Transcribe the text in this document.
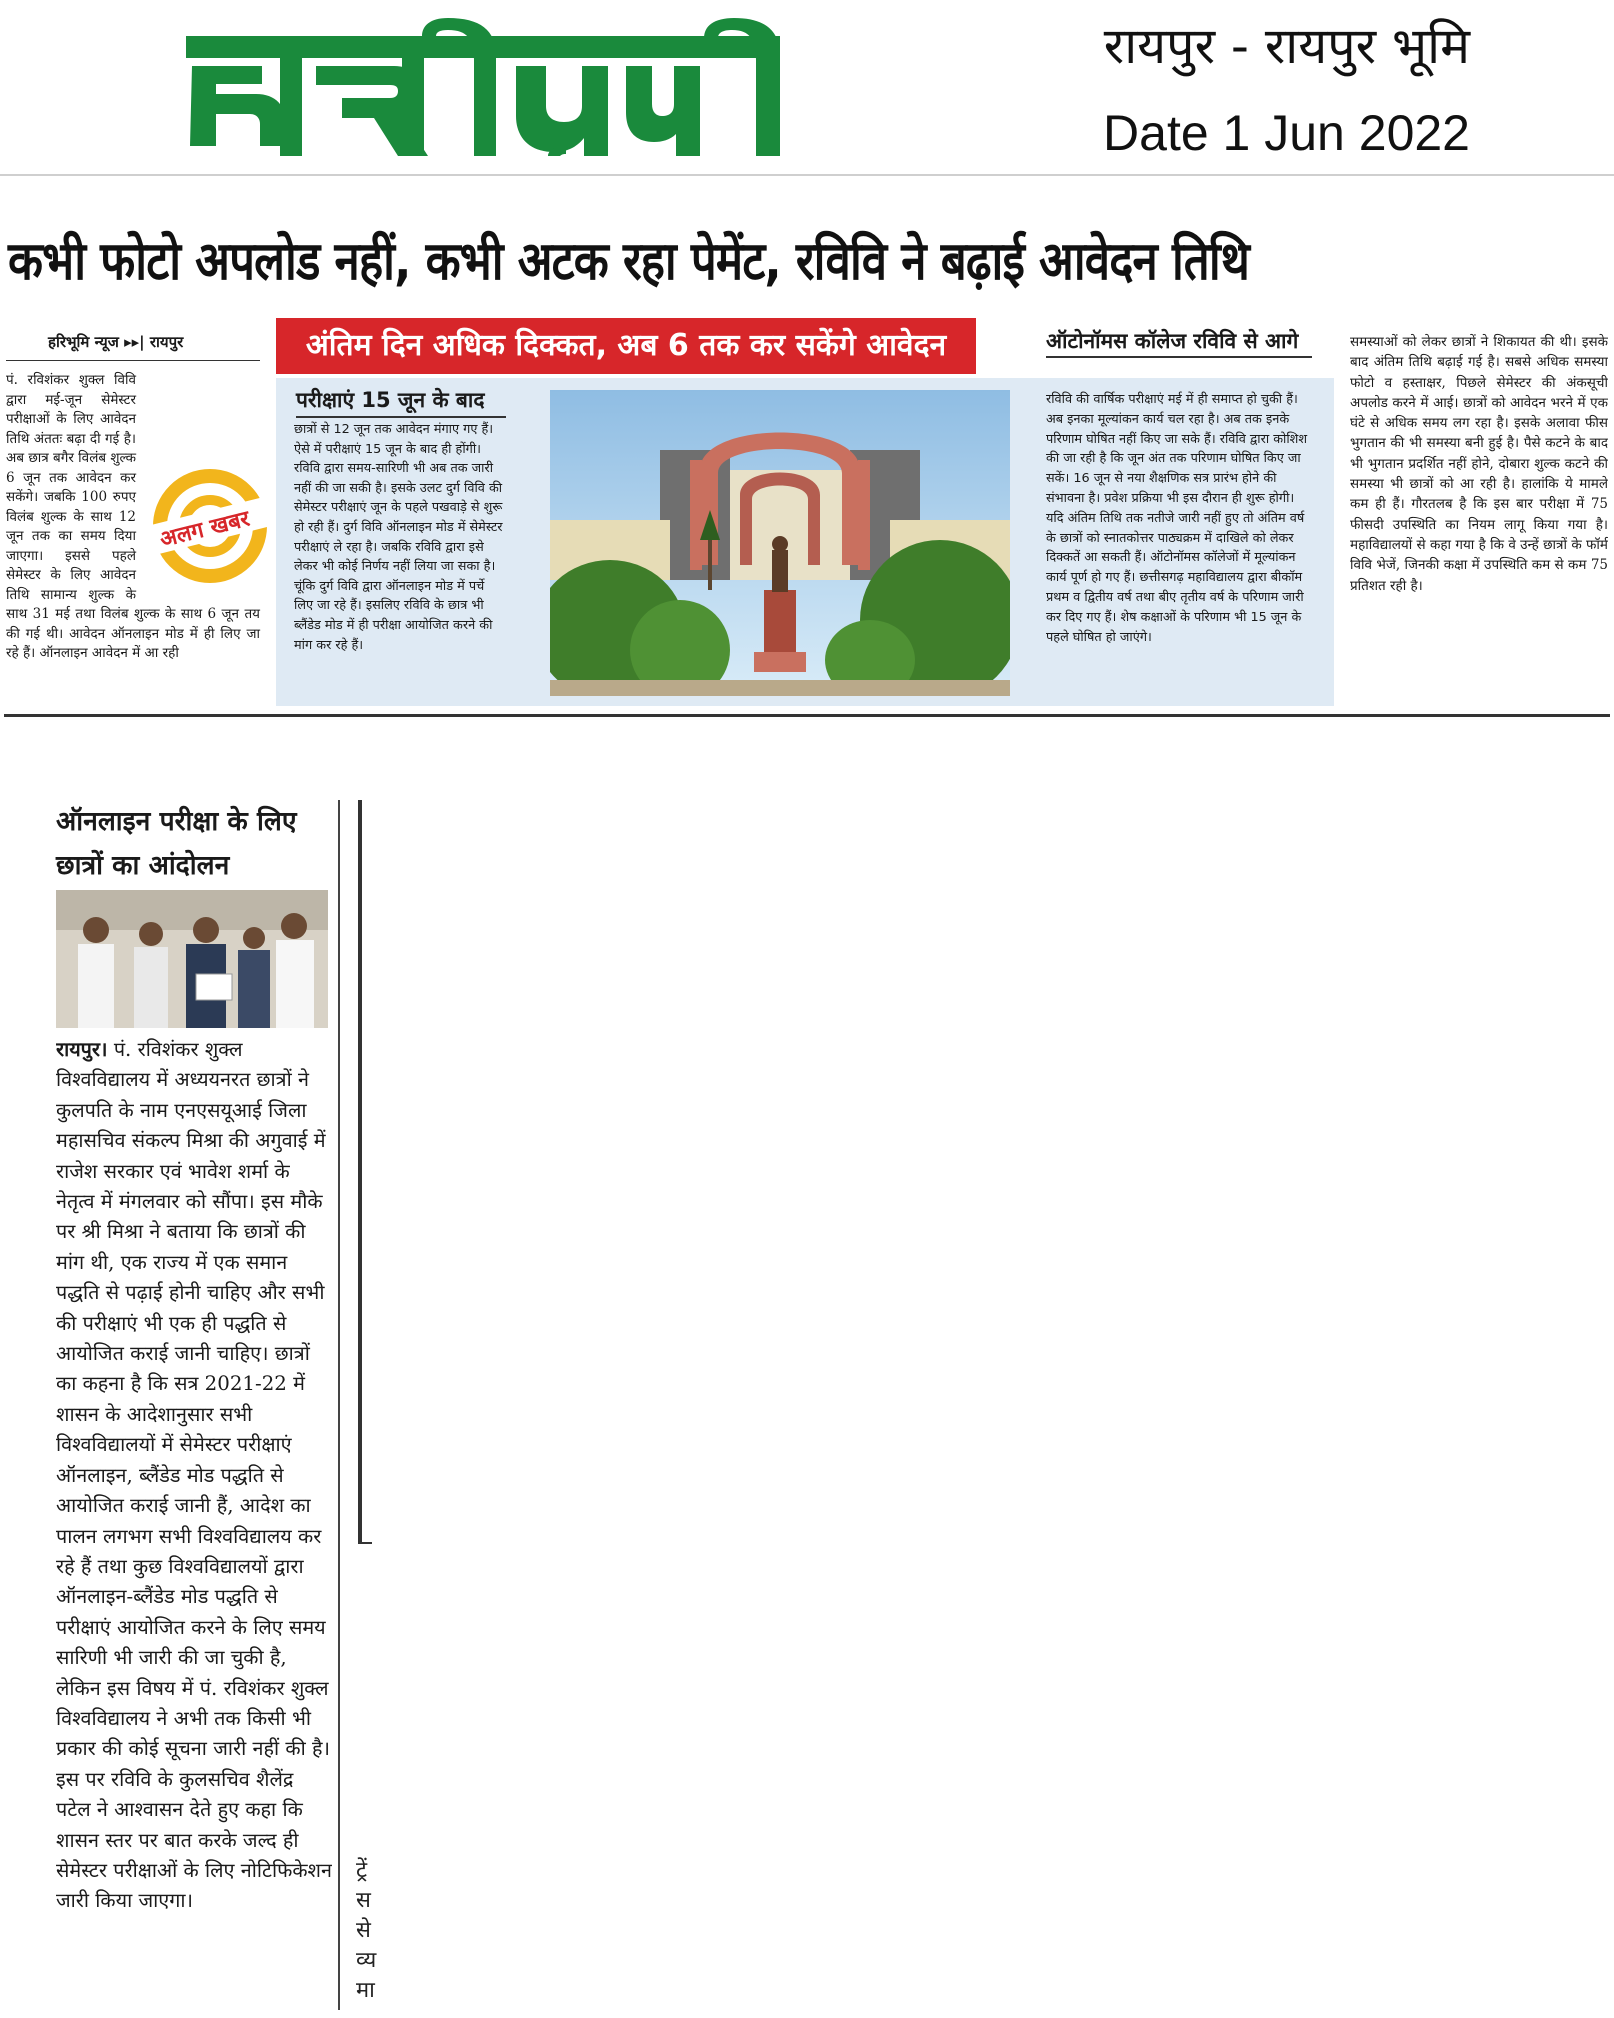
हरिभूमि
रायपुर - रायपुर भूमि
Date 1 Jun 2022
कभी फोटो अपलोड नहीं, कभी अटक रहा पेमेंट, रविवि ने बढ़ाई आवेदन तिथि
हरिभूमि न्यूज ▸▸| रायपुर
पं. रविशंकर शुक्ल विवि द्वारा मई-जून सेमेस्टर परीक्षाओं के लिए आवेदन तिथि अंततः बढ़ा दी गई है। अब छात्र बगैर विलंब शुल्क 6 जून तक आवेदन कर सकेंगे। जबकि 100 रुपए विलंब शुल्क के साथ 12 जून तक का समय दिया जाएगा। इससे पहले सेमेस्टर के लिए आवेदन तिथि सामान्य शुल्क के साथ 31 मई तथा विलंब शुल्क के साथ 6 जून तय की गई थी। आवेदन ऑनलाइन मोड में ही लिए जा रहे हैं। ऑनलाइन आवेदन में आ रही
अलग खबर
अंतिम दिन अधिक दिक्कत, अब 6 तक कर सकेंगे आवेदन
परीक्षाएं 15 जून के बाद
छात्रों से 12 जून तक आवेदन मंगाए गए हैं। ऐसे में परीक्षाएं 15 जून के बाद ही होंगी। रविवि द्वारा समय-सारिणी भी अब तक जारी नहीं की जा सकी है। इसके उलट दुर्ग विवि की सेमेस्टर परीक्षाएं जून के पहले पखवाड़े से शुरू हो रही हैं। दुर्ग विवि ऑनलाइन मोड में सेमेस्टर परीक्षाएं ले रहा है। जबकि रविवि द्वारा इसे लेकर भी कोई निर्णय नहीं लिया जा सका है। चूंकि दुर्ग विवि द्वारा ऑनलाइन मोड में पर्चे लिए जा रहे हैं। इसलिए रविवि के छात्र भी ब्लैंडेड मोड में ही परीक्षा आयोजित करने की मांग कर रहे हैं।
ऑटोनॉमस कॉलेज रविवि से आगे
रविवि की वार्षिक परीक्षाएं मई में ही समाप्त हो चुकी हैं। अब इनका मूल्यांकन कार्य चल रहा है। अब तक इनके परिणाम घोषित नहीं किए जा सके हैं। रविवि द्वारा कोशिश की जा रही है कि जून अंत तक परिणाम घोषित किए जा सकें। 16 जून से नया शैक्षणिक सत्र प्रारंभ होने की संभावना है। प्रवेश प्रक्रिया भी इस दौरान ही शुरू होगी। यदि अंतिम तिथि तक नतीजे जारी नहीं हुए तो अंतिम वर्ष के छात्रों को स्नातकोत्तर पाठ्यक्रम में दाखिले को लेकर दिक्कतें आ सकती हैं। ऑटोनॉमस कॉलेजों में मूल्यांकन कार्य पूर्ण हो गए हैं। छत्तीसगढ़ महाविद्यालय द्वारा बीकॉम प्रथम व द्वितीय वर्ष तथा बीए तृतीय वर्ष के परिणाम जारी कर दिए गए हैं। शेष कक्षाओं के परिणाम भी 15 जून के पहले घोषित हो जाएंगे।
समस्याओं को लेकर छात्रों ने शिकायत की थी। इसके बाद अंतिम तिथि बढ़ाई गई है। सबसे अधिक समस्या फोटो व हस्ताक्षर, पिछले सेमेस्टर की अंकसूची अपलोड करने में आई। छात्रों को आवेदन भरने में एक घंटे से अधिक समय लग रहा है। इसके अलावा फीस भुगतान की भी समस्या बनी हुई है। पैसे कटने के बाद भी भुगतान प्रदर्शित नहीं होने, दोबारा शुल्क कटने की समस्या भी छात्रों को आ रही है। हालांकि ये मामले कम ही हैं। गौरतलब है कि इस बार परीक्षा में 75 फीसदी उपस्थिति का नियम लागू किया गया है। महाविद्यालयों से कहा गया है कि वे उन्हें छात्रों के फॉर्म विवि भेजें, जिनकी कक्षा में उपस्थिति कम से कम 75 प्रतिशत रही है।
ऑनलाइन परीक्षा के लिए छात्रों का आंदोलन
रायपुर। पं. रविशंकर शुक्ल विश्वविद्यालय में अध्ययनरत छात्रों ने कुलपति के नाम एनएसयूआई जिला महासचिव संकल्प मिश्रा की अगुवाई में राजेश सरकार एवं भावेश शर्मा के नेतृत्व में मंगलवार को सौंपा। इस मौके पर श्री मिश्रा ने बताया कि छात्रों की मांग थी, एक राज्य में एक समान पद्धति से पढ़ाई होनी चाहिए और सभी की परीक्षाएं भी एक ही पद्धति से आयोजित कराई जानी चाहिए। छात्रों का कहना है कि सत्र 2021-22 में शासन के आदेशानुसार सभी विश्वविद्यालयों में सेमेस्टर परीक्षाएं ऑनलाइन, ब्लैंडेड मोड पद्धति से आयोजित कराई जानी हैं, आदेश का पालन लगभग सभी विश्वविद्यालय कर रहे हैं तथा कुछ विश्वविद्यालयों द्वारा ऑनलाइन-ब्लैंडेड मोड पद्धति से परीक्षाएं आयोजित करने के लिए समय सारिणी भी जारी की जा चुकी है, लेकिन इस विषय में पं. रविशंकर शुक्ल विश्वविद्यालय ने अभी तक किसी भी प्रकार की कोई सूचना जारी नहीं की है। इस पर रविवि के कुलसचिव शैलेंद्र पटेल ने आश्वासन देते हुए कहा कि शासन स्तर पर बात करके जल्द ही सेमेस्टर परीक्षाओं के लिए नोटिफिकेशन जारी किया जाएगा।
ट्रें
स
से
व्य
मा
